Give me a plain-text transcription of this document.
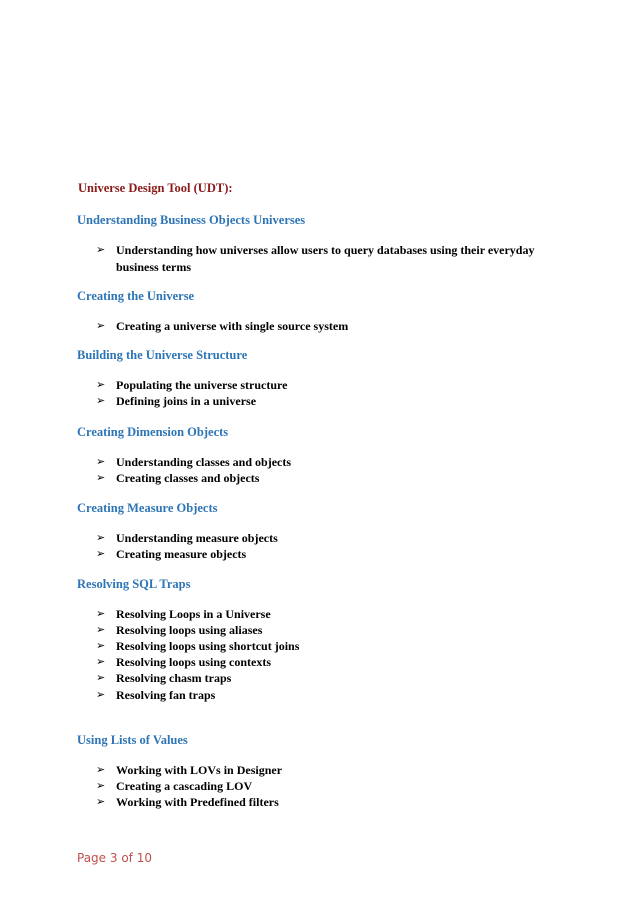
Universe Design Tool (UDT):
Understanding Business Objects Universes
➢ Understanding how universes allow users to query databases using their everyday business terms
Creating the Universe
➢ Creating a universe with single source system
Building the Universe Structure
➢ Populating the universe structure
➢ Defining joins in a universe
Creating Dimension Objects
➢ Understanding classes and objects
➢ Creating classes and objects
Creating Measure Objects
➢ Understanding measure objects
➢ Creating measure objects
Resolving SQL Traps
➢ Resolving Loops in a Universe
➢ Resolving loops using aliases
➢ Resolving loops using shortcut joins
➢ Resolving loops using contexts
➢ Resolving chasm traps
➢ Resolving fan traps
Using Lists of Values
➢ Working with LOVs in Designer
➢ Creating a cascading LOV
➢ Working with Predefined filters
Page 3 of 10
